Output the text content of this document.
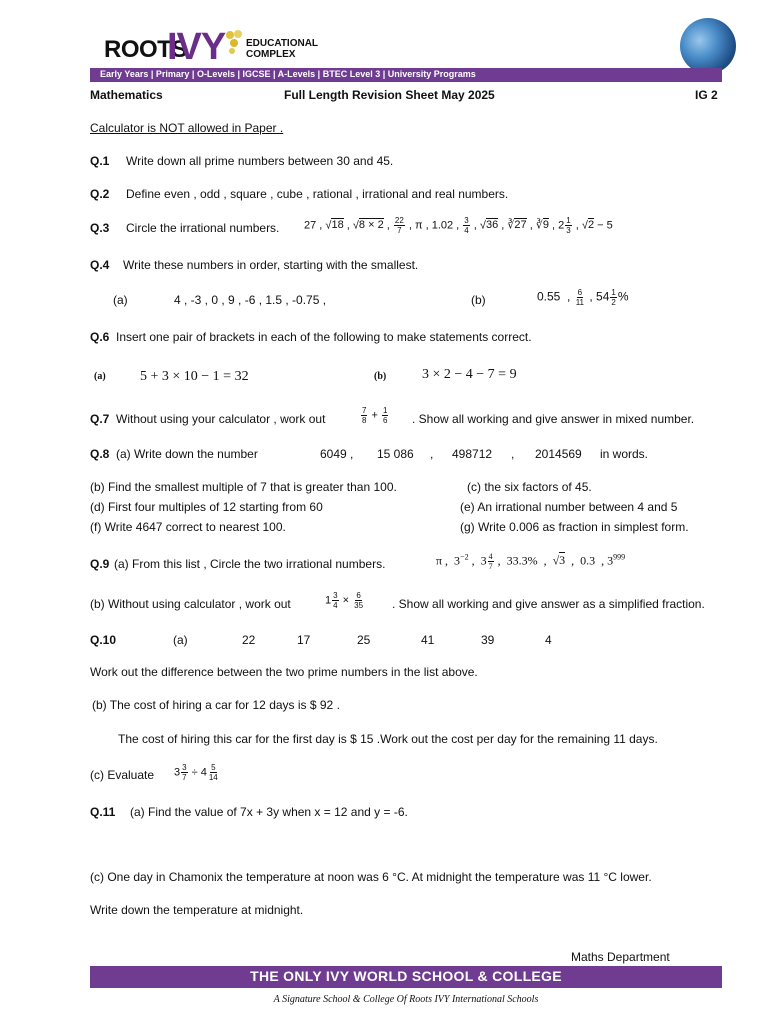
ROOTS
IVY EDUCATIONAL
COMPLEX
Early Years | Primary | O-Levels | IGCSE | A-Levels | BTEC Level 3 | University Programs
Mathematics	Full Length Revision Sheet May 2025	IG 2
Calculator is NOT allowed in Paper .
Q.1 Write down all prime numbers between 30 and 45.
Q.2 Define even , odd , square , cube , rational , irrational and real numbers.
Q.3 Circle the irrational numbers. 27 , √18 , √8 × 2 , $\frac{22}{7}$ , π , 1.02 , $\frac{3}{4}$ , √36 , ∛27 , ∛9 , $2 \frac{1}{3}$ , √2 − 5
Q.4 Write these numbers in order, starting with the smallest.
(a)	4 , -3 , 0 , 9 , -6 , 1.5 , -0.75 ,	(b)	0.55  , $\frac{6}{11}$ , $54 \frac{1}{2}$ %
Q.6 Insert one pair of brackets in each of the following to make statements correct.
(a) 5 + 3 × 10 − 1 = 32	(b)	3 × 2 − 4 − 7 = 9
Q.7 Without using your calculator , work out	$\frac{7}{8} + \frac{1}{6}$ . Show all working and give answer in mixed number.
Q.8 (a) Write down the number	6049 , 15 086 , 498712 , 2014569 in words.
(b) Find the smallest multiple of 7 that is greater than 100.	(c) the six factors of 45.
(d) First four multiples of 12 starting from 60	(e) An irrational number between 4 and 5
(f) Write 4647 correct to nearest 100.	(g) Write 0.006 as fraction in simplest form.
Q.9 (a) From this list , Circle the two irrational numbers.	π ,  $3^{-2}$ ,  $3 \frac{4}{7}$ ,  33.3%  ,  √3  ,  0.3  , $3^{999}$
(b) Without using calculator , work out	$1 \frac{3}{4} \times \frac{6}{35}$ . Show all working and give answer as a simplified fraction.
Q.10	(a)	22	17	25	41	39	4
Work out the difference between the two prime numbers in the list above.
(b) The cost of hiring a car for 12 days is $ 92 .
The cost of hiring this car for the first day is $ 15 .Work out the cost per day for the remaining 11 days.
(c) Evaluate $3 \frac{3}{7} \div 4 \frac{5}{14}$
Q.11 (a) Find the value of 7x + 3y when x = 12 and y = -6.
(c) One day in Chamonix the temperature at noon was 6 °C. At midnight the temperature was 11 °C lower.
Write down the temperature at midnight.
Maths Department
THE ONLY IVY WORLD SCHOOL & COLLEGE
A Signature School & College Of Roots IVY International Schools
